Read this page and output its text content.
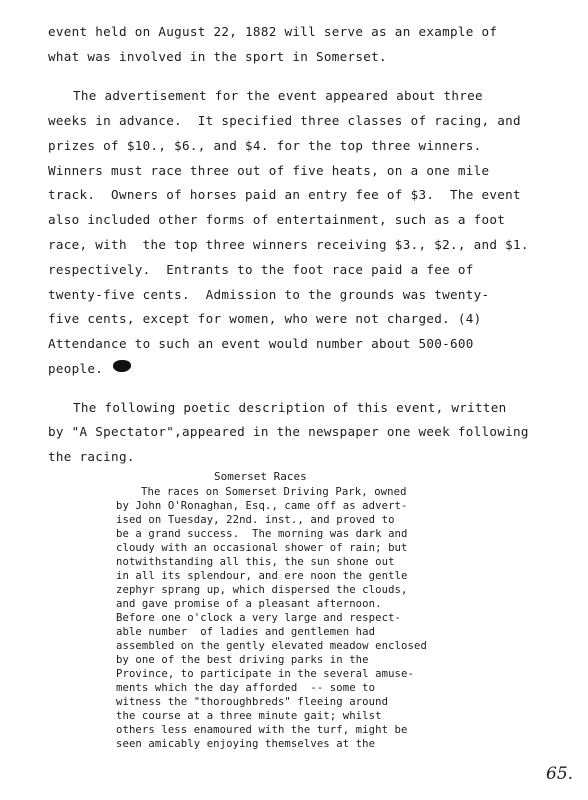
event held on August 22, 1882 will serve as an example of
what was involved in the sport in Somerset.
The advertisement for the event appeared about three
weeks in advance.  It specified three classes of racing, and
prizes of $10., $6., and $4. for the top three winners.
Winners must race three out of five heats, on a one mile
track.  Owners of horses paid an entry fee of $3.  The event
also included other forms of entertainment, such as a foot
race, with  the top three winners receiving $3., $2., and $1.
respectively.  Entrants to the foot race paid a fee of
twenty-five cents.  Admission to the grounds was twenty-
five cents, except for women, who were not charged. (4)
Attendance to such an event would number about 500-600
people.
The following poetic description of this event, written
by "A Spectator",appeared in the newspaper one week following
the racing.
Somerset Races
The races on Somerset Driving Park, owned
by John O'Ronaghan, Esq., came off as advert-
ised on Tuesday, 22nd. inst., and proved to
be a grand success.  The morning was dark and
cloudy with an occasional shower of rain; but
notwithstanding all this, the sun shone out
in all its splendour, and ere noon the gentle
zephyr sprang up, which dispersed the clouds,
and gave promise of a pleasant afternoon.
Before one o'clock a very large and respect-
able number  of ladies and gentlemen had
assembled on the gently elevated meadow enclosed
by one of the best driving parks in the
Province, to participate in the several amuse-
ments which the day afforded  -- some to
witness the "thoroughbreds" fleeing around
the course at a three minute gait; whilst
others less enamoured with the turf, might be
seen amicably enjoying themselves at the
65.
